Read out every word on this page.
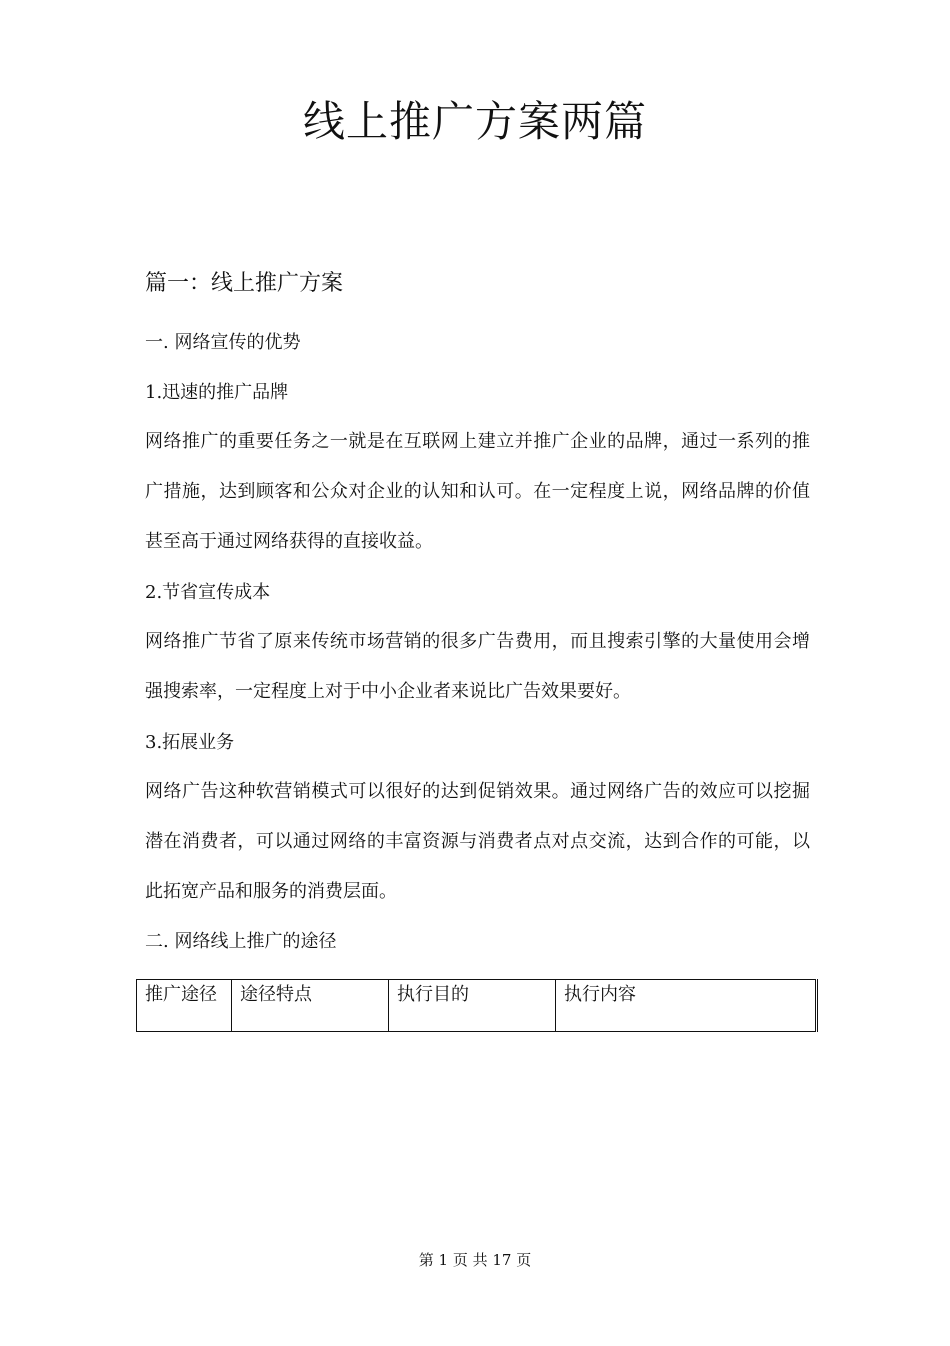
线上推广方案两篇
篇一：线上推广方案

一. 网络宣传的优势

1.迅速的推广品牌

网络推广的重要任务之一就是在互联网上建立并推广企业的品牌，通过一系列的推广措施，达到顾客和公众对企业的认知和认可。在一定程度上说，网络品牌的价值甚至高于通过网络获得的直接收益。

2.节省宣传成本

网络推广节省了原来传统市场营销的很多广告费用，而且搜索引擎的大量使用会增强搜索率，一定程度上对于中小企业者来说比广告效果要好。

3.拓展业务

网络广告这种软营销模式可以很好的达到促销效果。通过网络广告的效应可以挖掘潜在消费者，可以通过网络的丰富资源与消费者点对点交流，达到合作的可能，以此拓宽产品和服务的消费层面。

二. 网络线上推广的途径

推广途径	途径特点	执行目的	执行内容

第 1 页 共 17 页
